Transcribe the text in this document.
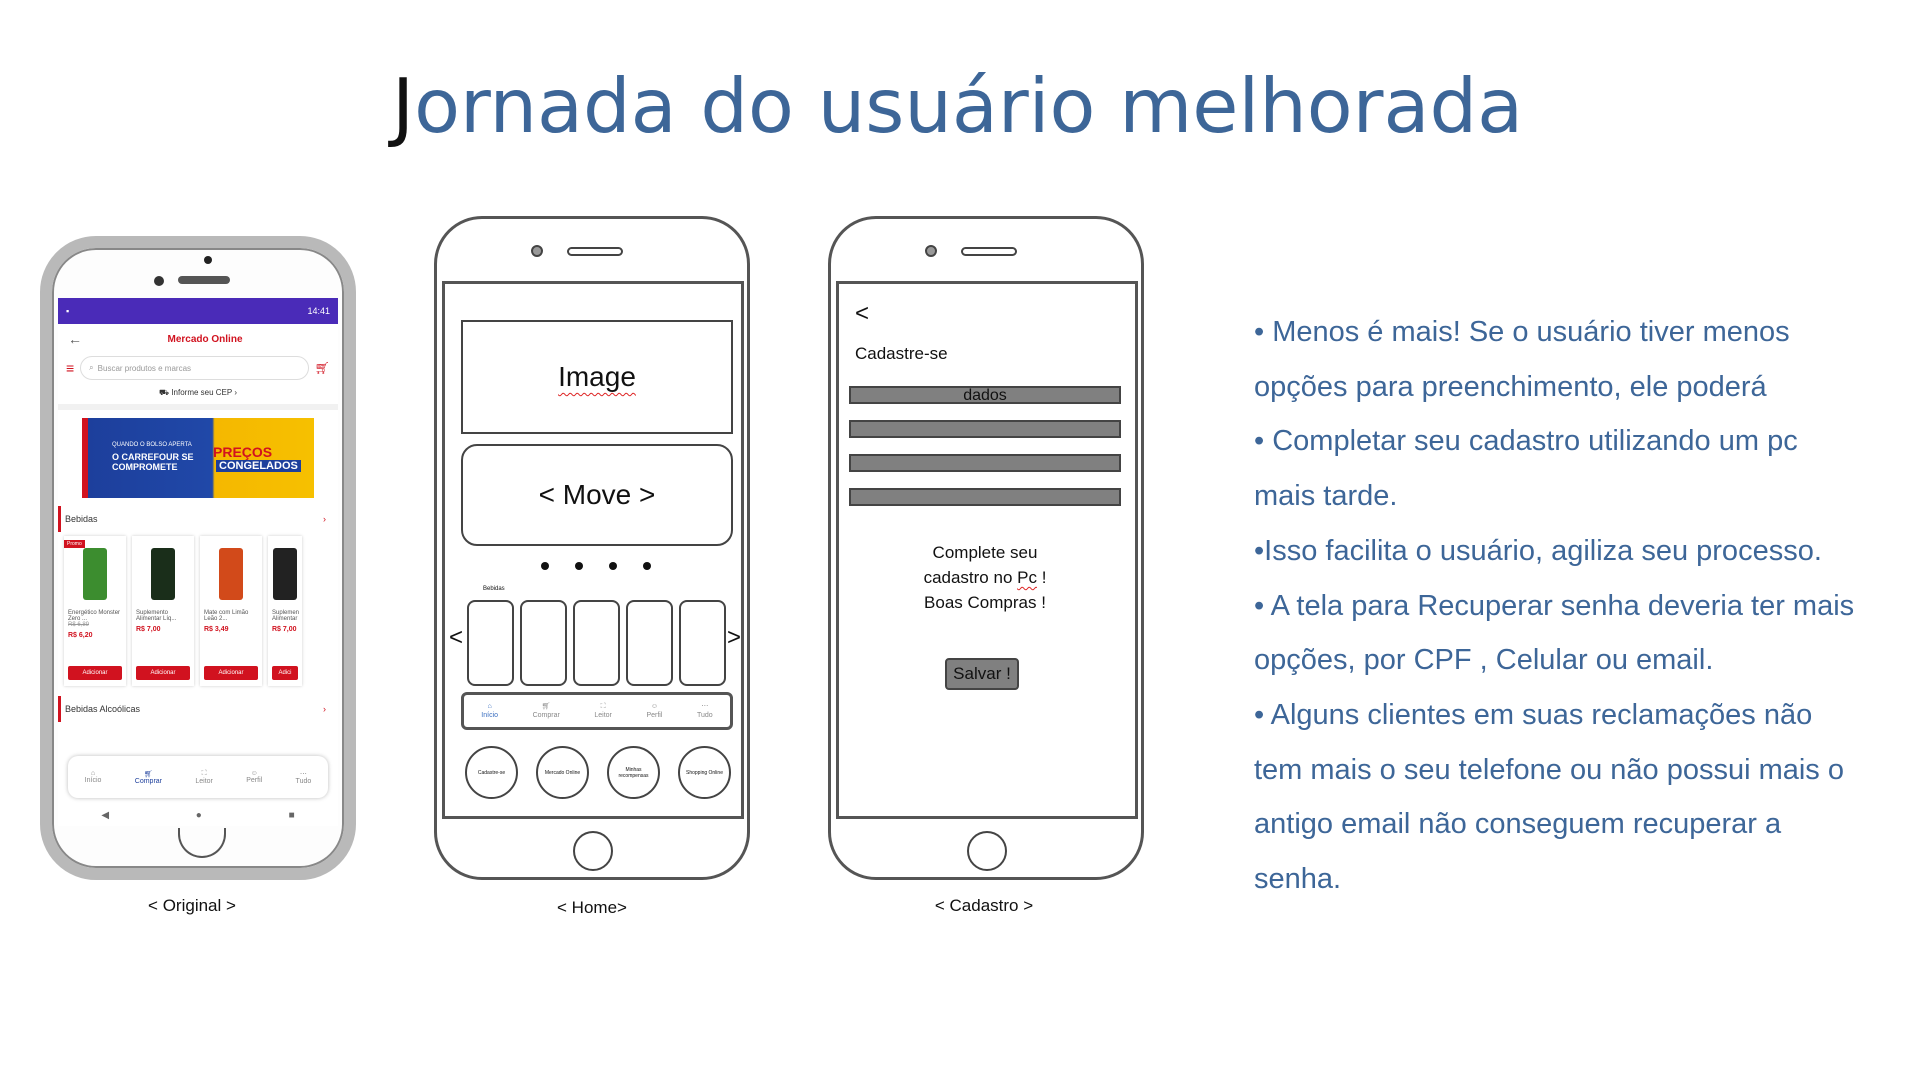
Jornada do usuário melhorada
▪	14:41
←	Mercado Online
≡ ⌕ Buscar produtos e marcas	🛒︎
⛟ Informe seu CEP ›
QUANDO O BOLSO APERTA
O CARREFOUR SE COMPROMETE
PREÇOS
CONGELADOS
Bebidas	›
Promo
Energético Monster Zero ...
R$ 6,89
R$ 6,20
Adicionar
Suplemento Alimentar Líq...
R$ 7,00
Adicionar
Mate com Limão Leão 2...
R$ 3,49
Adicionar
Suplemen Alimentar
R$ 7,00
Adici
Bebidas Alcoólicas	›
⌂
Início
🛒︎
Comprar
⛶
Leitor
☺
Perfil
⋯
Tudo
◀	●	■
< Original >
Image
< Move >
Bebidas
<	>
⌂
Início
🛒︎
Comprar
⛶
Leitor
☺
Perfil
⋯
Tudo
Cadastre-se	Mercado Online	Minhas recompensas	Shopping Online
< Home>
<
Cadastre-se
dados
Complete seu
cadastro no Pc !
Boas Compras !
Salvar !
< Cadastro >
• Menos é mais! Se o usuário tiver menos
opções para preenchimento, ele poderá
• Completar seu cadastro utilizando um pc
mais tarde.
•Isso facilita o usuário, agiliza seu processo.
• A tela para Recuperar senha deveria ter mais
opções, por CPF , Celular ou email.
• Alguns clientes em suas reclamações não
tem mais o seu telefone ou não possui mais o
antigo email não conseguem recuperar a
senha.
